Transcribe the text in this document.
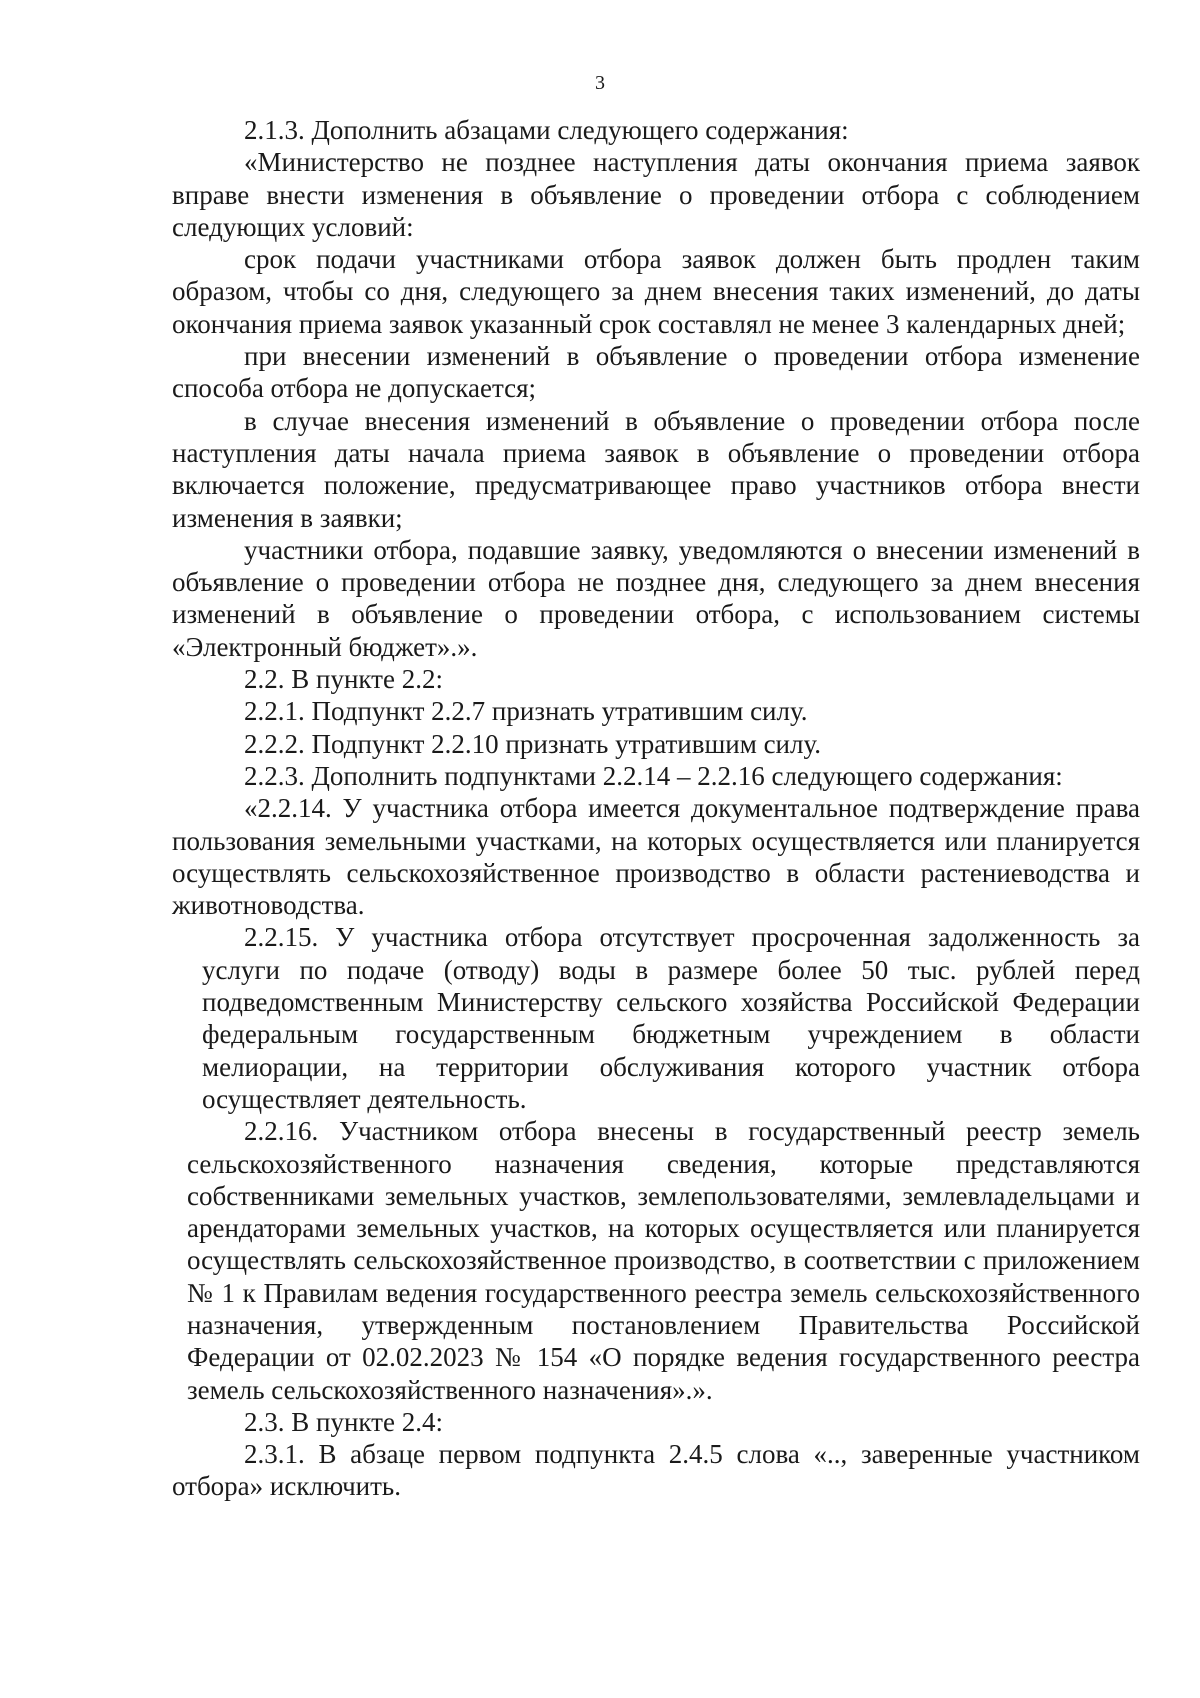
3

2.1.3. Дополнить абзацами следующего содержания:

«Министерство не позднее наступления даты окончания приема заявок вправе внести изменения в объявление о проведении отбора с соблюдением следующих условий:

срок подачи участниками отбора заявок должен быть продлен таким образом, чтобы со дня, следующего за днем внесения таких изменений, до даты окончания приема заявок указанный срок составлял не менее 3 календарных дней;

при внесении изменений в объявление о проведении отбора изменение способа отбора не допускается;

в случае внесения изменений в объявление о проведении отбора после наступления даты начала приема заявок в объявление о проведении отбора включается положение, предусматривающее право участников отбора внести изменения в заявки;

участники отбора, подавшие заявку, уведомляются о внесении изменений в объявление о проведении отбора не позднее дня, следующего за днем внесения изменений в объявление о проведении отбора, с использованием системы «Электронный бюджет».».

2.2. В пункте 2.2:

2.2.1. Подпункт 2.2.7 признать утратившим силу.

2.2.2. Подпункт 2.2.10 признать утратившим силу.

2.2.3. Дополнить подпунктами 2.2.14 – 2.2.16 следующего содержания:

«2.2.14. У участника отбора имеется документальное подтверждение права пользования земельными участками, на которых осуществляется или планируется осуществлять сельскохозяйственное производство в области растениеводства и животноводства.

2.2.15. У участника отбора отсутствует просроченная задолженность за услуги по подаче (отводу) воды в размере более 50 тыс. рублей перед подведомственным Министерству сельского хозяйства Российской Федерации федеральным государственным бюджетным учреждением в области мелиорации, на территории обслуживания которого участник отбора осуществляет деятельность.

2.2.16. Участником отбора внесены в государственный реестр земель сельскохозяйственного назначения сведения, которые представляются собственниками земельных участков, землепользователями, землевладельцами и арендаторами земельных участков, на которых осуществляется или планируется осуществлять сельскохозяйственное производство, в соответствии с приложением № 1 к Правилам ведения государственного реестра земель сельскохозяйственного назначения, утвержденным постановлением Правительства Российской Федерации от 02.02.2023 № 154 «О порядке ведения государственного реестра земель сельскохозяйственного назначения».».

2.3. В пункте 2.4:

2.3.1. В абзаце первом подпункта 2.4.5 слова «.., заверенные участником отбора» исключить.
